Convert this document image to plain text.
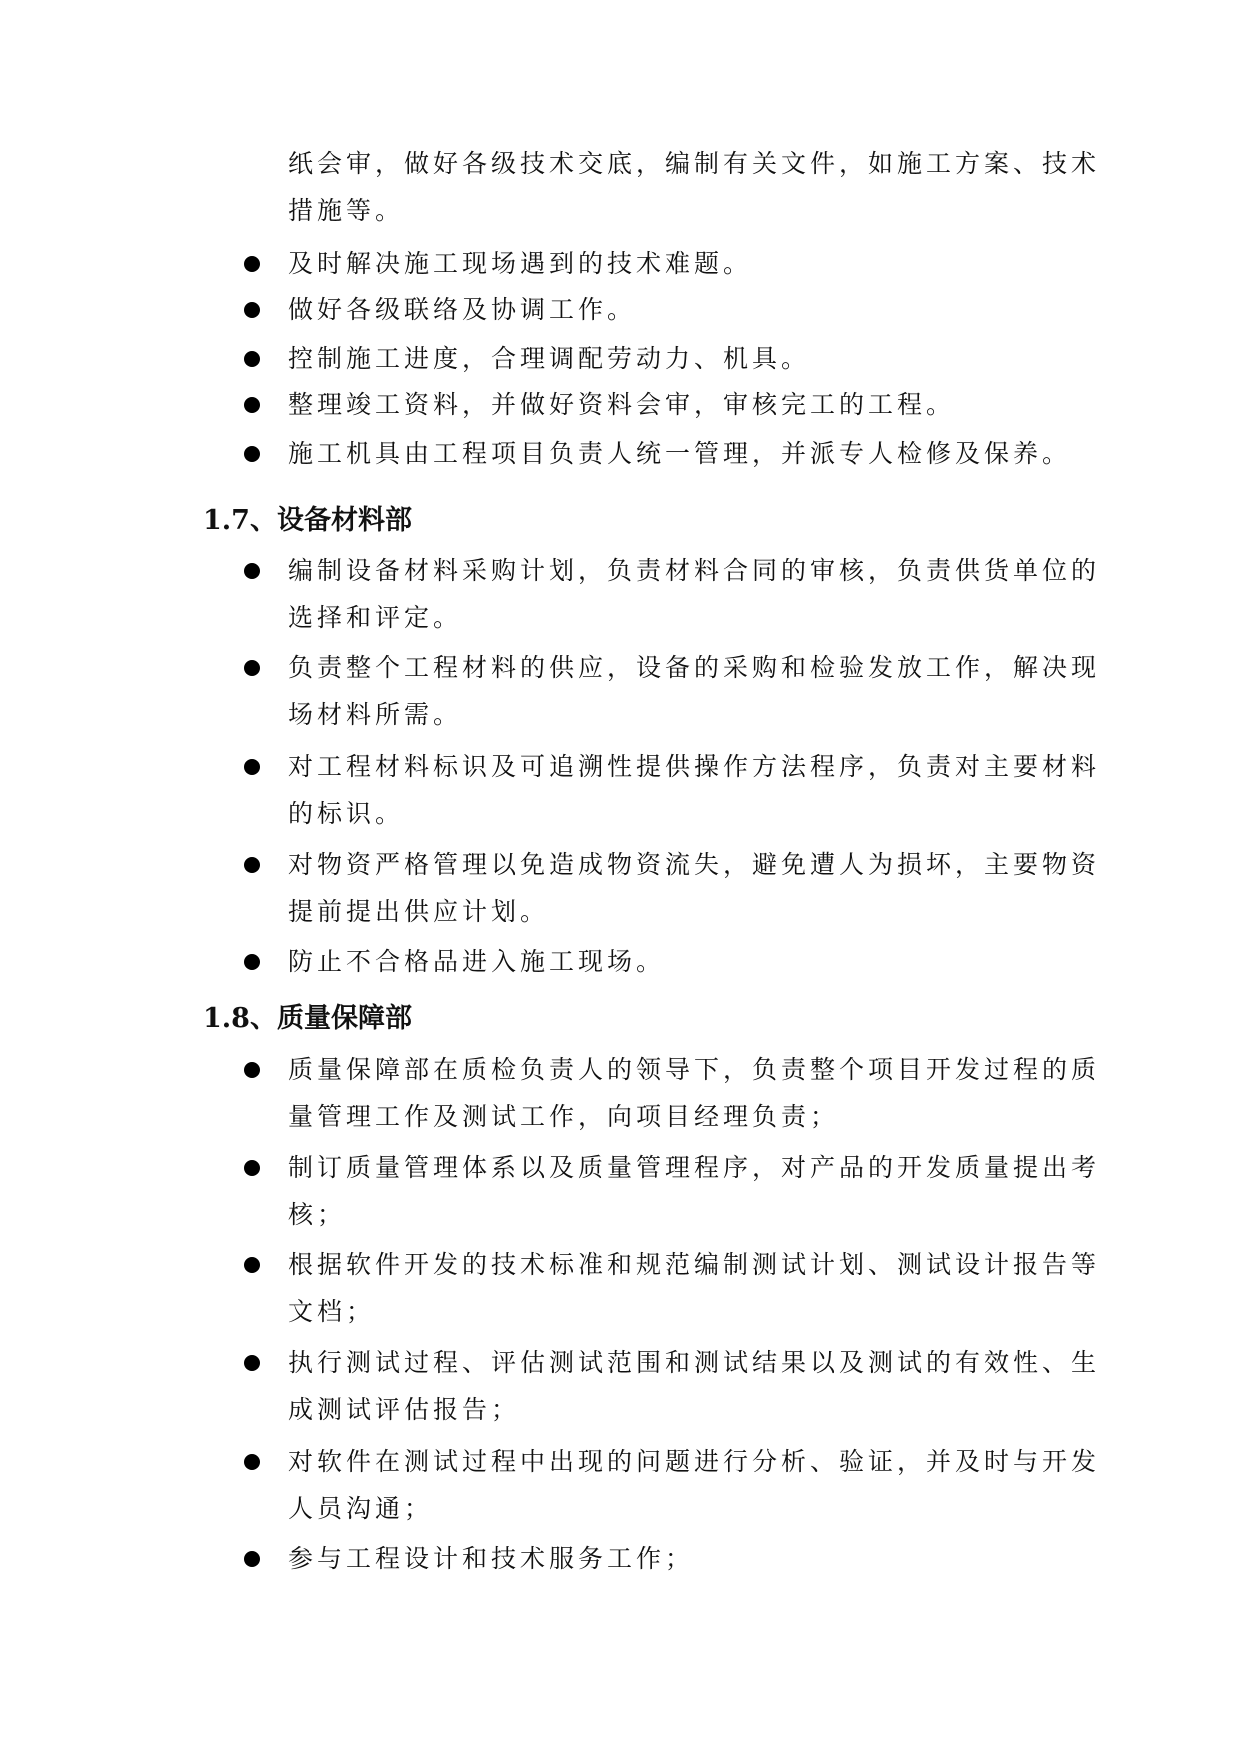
纸会审，做好各级技术交底，编制有关文件，如施工方案、技术
措施等。
及时解决施工现场遇到的技术难题。
做好各级联络及协调工作。
控制施工进度，合理调配劳动力、机具。
整理竣工资料，并做好资料会审，审核完工的工程。
施工机具由工程项目负责人统一管理，并派专人检修及保养。
1.7、设备材料部
编制设备材料采购计划，负责材料合同的审核，负责供货单位的
选择和评定。
负责整个工程材料的供应，设备的采购和检验发放工作，解决现
场材料所需。
对工程材料标识及可追溯性提供操作方法程序，负责对主要材料
的标识。
对物资严格管理以免造成物资流失，避免遭人为损坏，主要物资
提前提出供应计划。
防止不合格品进入施工现场。
1.8、质量保障部
质量保障部在质检负责人的领导下，负责整个项目开发过程的质
量管理工作及测试工作，向项目经理负责；
制订质量管理体系以及质量管理程序，对产品的开发质量提出考
核；
根据软件开发的技术标准和规范编制测试计划、测试设计报告等
文档；
执行测试过程、评估测试范围和测试结果以及测试的有效性、生
成测试评估报告；
对软件在测试过程中出现的问题进行分析、验证，并及时与开发
人员沟通；
参与工程设计和技术服务工作；
